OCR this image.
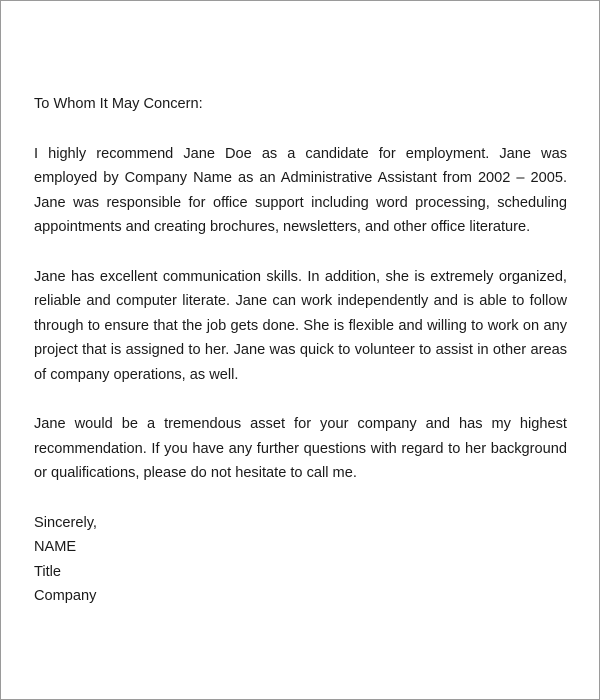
To Whom It May Concern:

I highly recommend Jane Doe as a candidate for employment. Jane was employed by Company Name as an Administrative Assistant from 2002 – 2005. Jane was responsible for office support including word processing, scheduling appointments and creating brochures, newsletters, and other office literature.

Jane has excellent communication skills. In addition, she is extremely organized, reliable and computer literate. Jane can work independently and is able to follow through to ensure that the job gets done. She is flexible and willing to work on any project that is assigned to her. Jane was quick to volunteer to assist in other areas of company operations, as well.

Jane would be a tremendous asset for your company and has my highest recommendation. If you have any further questions with regard to her background or qualifications, please do not hesitate to call me.

Sincerely,
NAME
Title
Company
